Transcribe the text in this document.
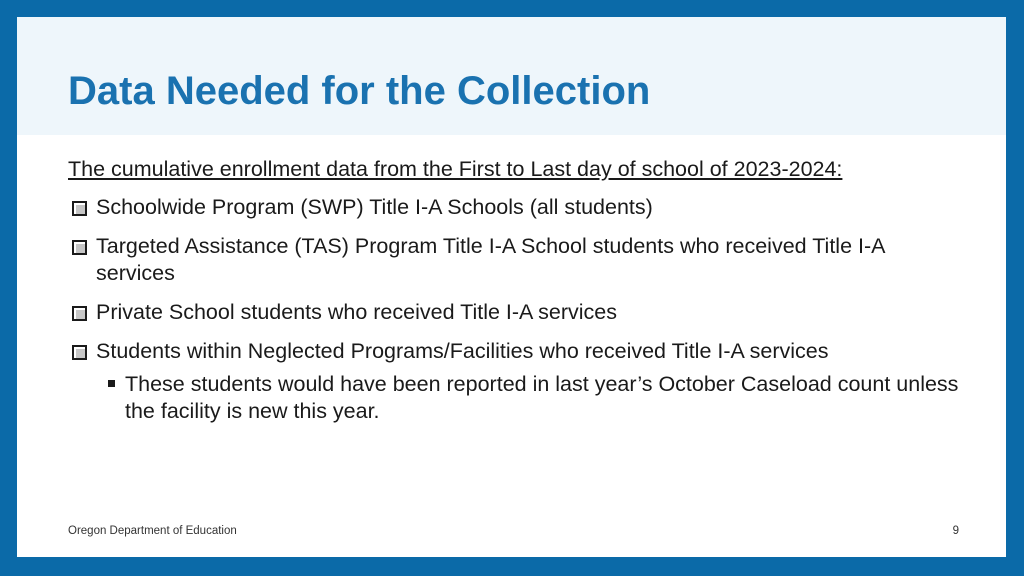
Data Needed for the Collection

The cumulative enrollment data from the First to Last day of school of 2023-2024:

Schoolwide Program (SWP) Title I-A Schools (all students)
Targeted Assistance (TAS) Program Title I-A School students who received Title I-A services
Private School students who received Title I-A services
Students within Neglected Programs/Facilities who received Title I-A services
These students would have been reported in last year’s October Caseload count unless the facility is new this year.
Oregon Department of Education	9
